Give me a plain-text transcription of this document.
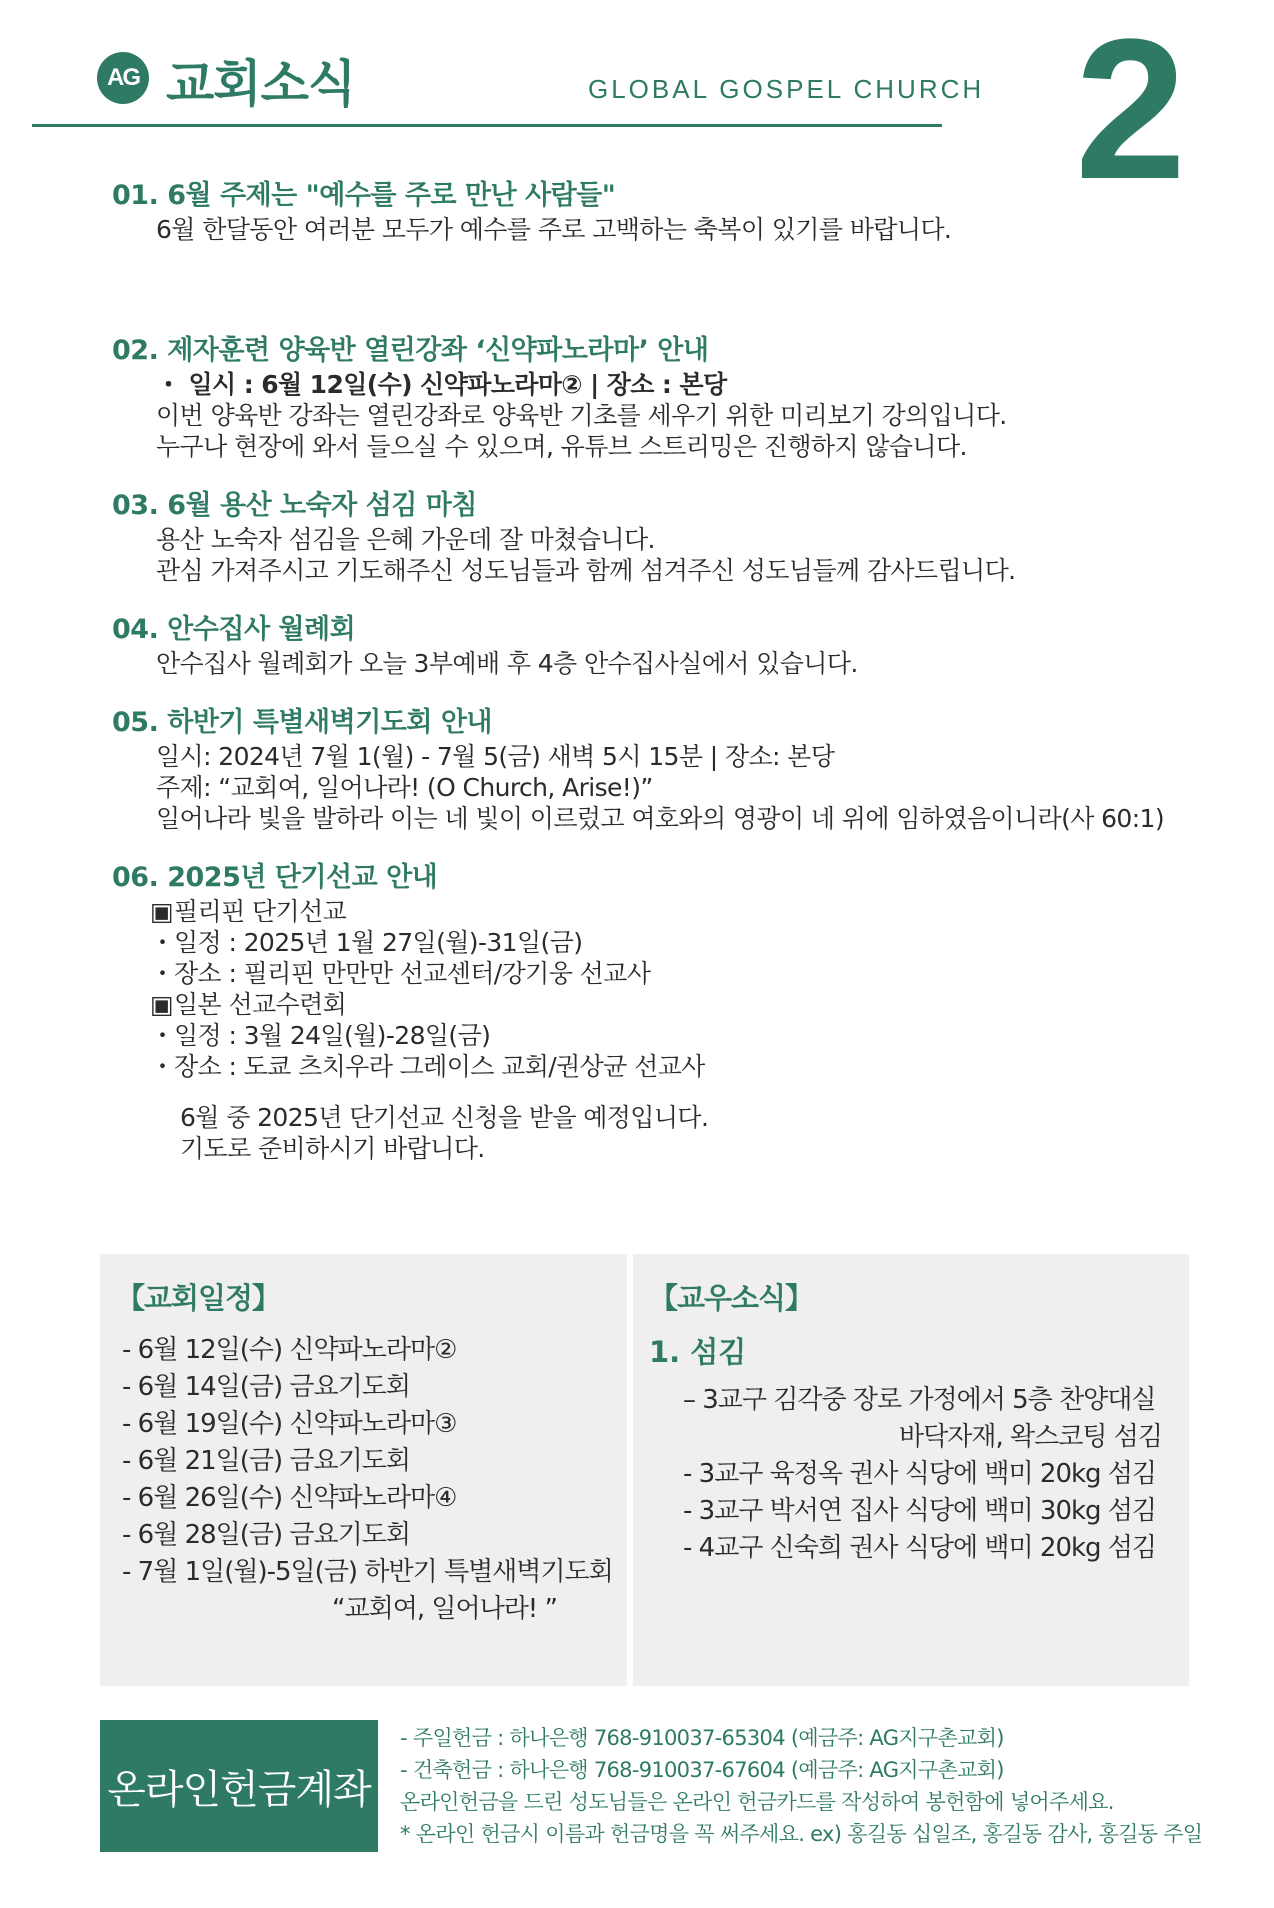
AG 교회소식	GLOBAL GOSPEL CHURCH 2
01. 6월 주제는 "예수를 주로 만난 사람들"
6월 한달동안 여러분 모두가 예수를 주로 고백하는 축복이 있기를 바랍니다.
02. 제자훈련 양육반 열린강좌 ‘신약파노라마’ 안내
・ 일시 : 6월 12일(수) 신약파노라마② | 장소 : 본당
이번 양육반 강좌는 열린강좌로 양육반 기초를 세우기 위한 미리보기 강의입니다.
누구나 현장에 와서 들으실 수 있으며, 유튜브 스트리밍은 진행하지 않습니다.
03. 6월 용산 노숙자 섬김 마침
용산 노숙자 섬김을 은혜 가운데 잘 마쳤습니다.
관심 가져주시고 기도해주신 성도님들과 함께 섬겨주신 성도님들께 감사드립니다.
04. 안수집사 월례회
안수집사 월례회가 오늘 3부예배 후 4층 안수집사실에서 있습니다.
05. 하반기 특별새벽기도회 안내
일시: 2024년 7월 1(월) - 7월 5(금) 새벽 5시 15분 | 장소: 본당
주제: “교회여, 일어나라! (O Church, Arise!)”
일어나라 빛을 발하라 이는 네 빛이 이르렀고 여호와의 영광이 네 위에 임하였음이니라(사 60:1)
06. 2025년 단기선교 안내
▣필리핀 단기선교
・일정 : 2025년 1월 27일(월)-31일(금)
・장소 : 필리핀 만만만 선교센터/강기웅 선교사
▣일본 선교수련회
・일정 : 3월 24일(월)-28일(금)
・장소 : 도쿄 츠치우라 그레이스 교회/권상균 선교사
6월 중 2025년 단기선교 신청을 받을 예정입니다.
기도로 준비하시기 바랍니다.
【교회일정】
- 6월 12일(수) 신약파노라마②
- 6월 14일(금) 금요기도회
- 6월 19일(수) 신약파노라마③
- 6월 21일(금) 금요기도회
- 6월 26일(수) 신약파노라마④
- 6월 28일(금) 금요기도회
- 7월 1일(월)-5일(금) 하반기 특별새벽기도회
“교회여, 일어나라! ”
【교우소식】
1. 섬김
– 3교구 김각중 장로 가정에서 5층 찬양대실
바닥자재, 왁스코팅 섬김
- 3교구 육정옥 권사 식당에 백미 20kg 섬김
- 3교구 박서연 집사 식당에 백미 30kg 섬김
- 4교구 신숙희 권사 식당에 백미 20kg 섬김
온라인헌금계좌
- 주일헌금 : 하나은행 768-910037-65304 (예금주: AG지구촌교회)
- 건축헌금 : 하나은행 768-910037-67604 (예금주: AG지구촌교회)
온라인헌금을 드린 성도님들은 온라인 헌금카드를 작성하여 봉헌함에 넣어주세요.
* 온라인 헌금시 이름과 헌금명을 꼭 써주세요. ex) 홍길동 십일조, 홍길동 감사, 홍길동 주일
